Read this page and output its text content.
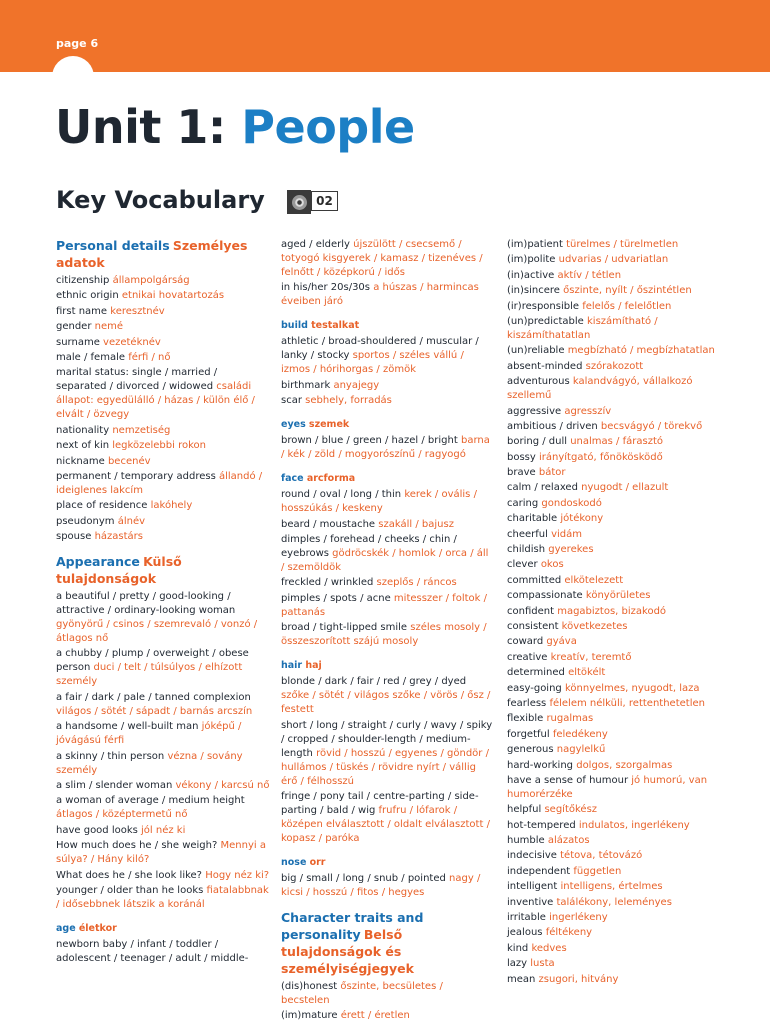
page 6
Unit 1: People
Key Vocabulary	02
Personal details Személyes adatok
citizenship állampolgárság
ethnic origin etnikai hovatartozás
first name keresztnév
gender nemé
surname vezetéknév
male / female férfi / nő
marital status: single / married / separated / divorced / widowed családi állapot: egyedülálló / házas / külön élő / elvált / özvegy
nationality nemzetiség
next of kin legközelebbi rokon
nickname becenév
permanent / temporary address állandó / ideiglenes lakcím
place of residence lakóhely
pseudonym álnév
spouse házastárs
Appearance Külső tulajdonságok
a beautiful / pretty / good-looking / attractive / ordinary-looking woman gyönyörű / csinos / szemrevaló / vonzó / átlagos nő
a chubby / plump / overweight / obese person duci / telt / túlsúlyos / elhízott személy
a fair / dark / pale / tanned complexion világos / sötét / sápadt / barnás arcszín
a handsome / well-built man jóképű / jóvágású férfi
a skinny / thin person vézna / sovány személy
a slim / slender woman vékony / karcsú nő
a woman of average / medium height átlagos / középtermetű nő
have good looks jól néz ki
How much does he / she weigh? Mennyi a súlya? / Hány kiló?
What does he / she look like? Hogy néz ki?
younger / older than he looks fiatalabbnak / idősebbnek látszik a koránál
age életkor
newborn baby / infant / toddler / adolescent / teenager / adult / middle-
aged / elderly újszülött / csecsemő / totyogó kisgyerek / kamasz / tizenéves / felnőtt / középkorú / idős
in his/her 20s/30s a húszas / harmincas éveiben járó
build testalkat
athletic / broad-shouldered / muscular / lanky / stocky sportos / széles vállú / izmos / hórihorgas / zömök
birthmark anyajegy
scar sebhely, forradás
eyes szemek
brown / blue / green / hazel / bright barna / kék / zöld / mogyorószínű / ragyogó
face arcforma
round / oval / long / thin kerek / ovális / hosszúkás / keskeny
beard / moustache szakáll / bajusz
dimples / forehead / cheeks / chin / eyebrows gödröcskék / homlok / orca / áll / szemöldök
freckled / wrinkled szeplős / ráncos
pimples / spots / acne mitesszer / foltok / pattanás
broad / tight-lipped smile széles mosoly / összeszorított szájú mosoly
hair haj
blonde / dark / fair / red / grey / dyed szőke / sötét / világos szőke / vörös / ősz / festett
short / long / straight / curly / wavy / spiky / cropped / shoulder-length / medium-length rövid / hosszú / egyenes / göndör / hullámos / tüskés / rövidre nyírt / vállig érő / félhosszú
fringe / pony tail / centre-parting / side-parting / bald / wig frufru / lófarok / középen elválasztott / oldalt elválasztott / kopasz / paróka
nose orr
big / small / long / snub / pointed nagy / kicsi / hosszú / fitos / hegyes
Character traits and personality Belső tulajdonságok és személyiségjegyek
(dis)honest őszinte, becsületes / becstelen
(im)mature érett / éretlen
(im)patient türelmes / türelmetlen
(im)polite udvarias / udvariatlan
(in)active aktív / tétlen
(in)sincere őszinte, nyílt / őszintétlen
(ir)responsible felelős / felelőtlen
(un)predictable kiszámítható / kiszámíthatatlan
(un)reliable megbízható / megbízhatatlan
absent-minded szórakozott
adventurous kalandvágyó, vállalkozó szellemű
aggressive agresszív
ambitious / driven becsvágyó / törekvő
boring / dull unalmas / fárasztó
bossy irányítgató, főnökösködő
brave bátor
calm / relaxed nyugodt / ellazult
caring gondoskodó
charitable jótékony
cheerful vidám
childish gyerekes
clever okos
committed elkötelezett
compassionate könyörületes
confident magabiztos, bizakodó
consistent következetes
coward gyáva
creative kreatív, teremtő
determined eltökélt
easy-going könnyelmes, nyugodt, laza
fearless félelem nélküli, rettenthetetlen
flexible rugalmas
forgetful feledékeny
generous nagylelkű
hard-working dolgos, szorgalmas
have a sense of humour jó humorú, van humorérzéke
helpful segítőkész
hot-tempered indulatos, ingerlékeny
humble alázatos
indecisive tétova, tétovázó
independent független
intelligent intelligens, értelmes
inventive találékony, leleményes
irritable ingerlékeny
jealous féltékeny
kind kedves
lazy lusta
mean zsugori, hitvány
